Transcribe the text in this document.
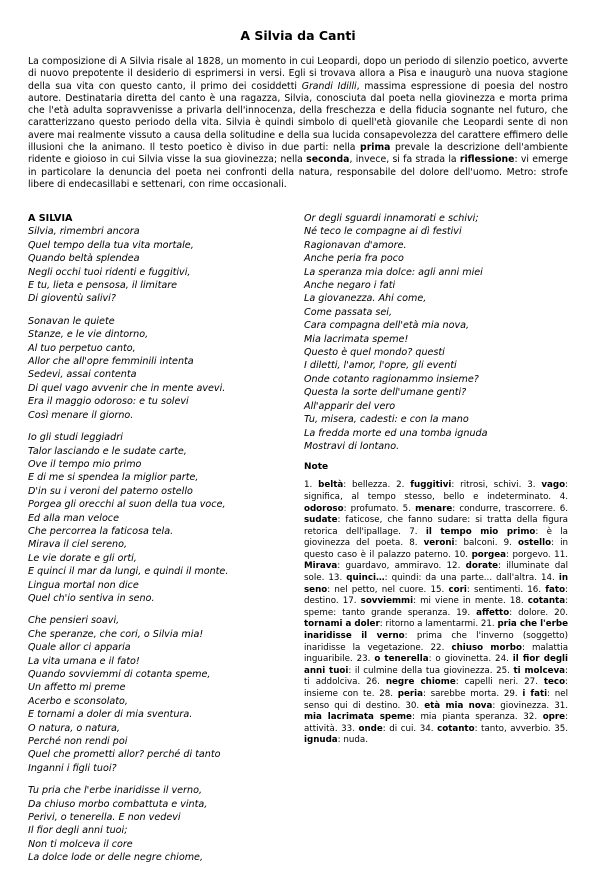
A Silvia da Canti
La composizione di A Silvia risale al 1828, un momento in cui Leopardi, dopo un periodo di silenzio poetico, avverte di nuovo prepotente il desiderio di esprimersi in versi. Egli si trovava allora a Pisa e inaugurò una nuova stagione della sua vita con questo canto, il primo dei cosiddetti Grandi Idilli, massima espressione di poesia del nostro autore. Destinataria diretta del canto è una ragazza, Silvia, conosciuta dal poeta nella giovinezza e morta prima che l'età adulta sopravvenisse a privarla dell'innocenza, della freschezza e della fiducia sognante nel futuro, che caratterizzano questo periodo della vita. Silvia è quindi simbolo di quell'età giovanile che Leopardi sente di non avere mai realmente vissuto a causa della solitudine e della sua lucida consapevolezza del carattere effimero delle illusioni che la animano. Il testo poetico è diviso in due parti: nella prima prevale la descrizione dell'ambiente ridente e gioioso in cui Silvia visse la sua giovinezza; nella seconda, invece, si fa strada la riflessione: vi emerge in particolare la denuncia del poeta nei confronti della natura, responsabile del dolore dell'uomo. Metro: strofe libere di endecasillabi e settenari, con rime occasionali.
A SILVIA
Silvia, rimembri ancora
Quel tempo della tua vita mortale,
Quando beltà splendea
Negli occhi tuoi ridenti e fuggitivi,
E tu, lieta e pensosa, il limitare
Di gioventù salivi?
Sonavan le quiete
Stanze, e le vie dintorno,
Al tuo perpetuo canto,
Allor che all'opre femminili intenta
Sedevi, assai contenta
Di quel vago avvenir che in mente avevi.
Era il maggio odoroso: e tu solevi
Così menare il giorno.
Io gli studi leggiadri
Talor lasciando e le sudate carte,
Ove il tempo mio primo
E di me si spendea la miglior parte,
D'in su i veroni del paterno ostello
Porgea gli orecchi al suon della tua voce,
Ed alla man veloce
Che percorrea la faticosa tela.
Mirava il ciel sereno,
Le vie dorate e gli orti,
E quinci il mar da lungi, e quindi il monte.
Lingua mortal non dice
Quel ch'io sentiva in seno.
Che pensieri soavi,
Che speranze, che cori, o Silvia mia!
Quale allor ci apparia
La vita umana e il fato!
Quando sovviemmi di cotanta speme,
Un affetto mi preme
Acerbo e sconsolato,
E tornami a doler di mia sventura.
O natura, o natura,
Perché non rendi poi
Quel che prometti allor? perché di tanto
Inganni i figli tuoi?
Tu pria che l'erbe inaridisse il verno,
Da chiuso morbo combattuta e vinta,
Perivi, o tenerella. E non vedevi
Il fior degli anni tuoi;
Non ti molceva il core
La dolce lode or delle negre chiome,
Or degli sguardi innamorati e schivi;
Né teco le compagne ai dì festivi
Ragionavan d'amore.
Anche peria fra poco
La speranza mia dolce: agli anni miei
Anche negaro i fati
La giovanezza. Ahi come,
Come passata sei,
Cara compagna dell'età mia nova,
Mia lacrimata speme!
Questo è quel mondo? questi
I diletti, l'amor, l'opre, gli eventi
Onde cotanto ragionammo insieme?
Questa la sorte dell'umane genti?
All'apparir del vero
Tu, misera, cadesti: e con la mano
La fredda morte ed una tomba ignuda
Mostravi di lontano.
Note
1. beltà: bellezza. 2. fuggitivi: ritrosi, schivi. 3. vago: significa, al tempo stesso, bello e indeterminato. 4. odoroso: profumato. 5. menare: condurre, trascorrere. 6. sudate: faticose, che fanno sudare: si tratta della figura retorica dell'ipallage. 7. il tempo mio primo: è la giovinezza del poeta. 8. veroni: balconi. 9. ostello: in questo caso è il palazzo paterno. 10. porgea: porgevo. 11. Mirava: guardavo, ammiravo. 12. dorate: illuminate dal sole. 13. quinci…: quindi: da una parte... dall'altra. 14. in seno: nel petto, nel cuore. 15. cori: sentimenti. 16. fato: destino. 17. sovviemmi: mi viene in mente. 18. cotanta: speme: tanto grande speranza. 19. affetto: dolore. 20. tornami a doler: ritorno a lamentarmi. 21. pria che l'erbe inaridisse il verno: prima che l'inverno (soggetto) inaridisse la vegetazione. 22. chiuso morbo: malattia inguaribile. 23. o tenerella: o giovinetta. 24. il fior degli anni tuoi: il culmine della tua giovinezza. 25. ti molceva: ti addolciva. 26. negre chiome: capelli neri. 27. teco: insieme con te. 28. peria: sarebbe morta. 29. i fati: nel senso qui di destino. 30. età mia nova: giovinezza. 31. mia lacrimata speme: mia pianta speranza. 32. opre: attività. 33. onde: di cui. 34. cotanto: tanto, avverbio. 35. ignuda: nuda.
